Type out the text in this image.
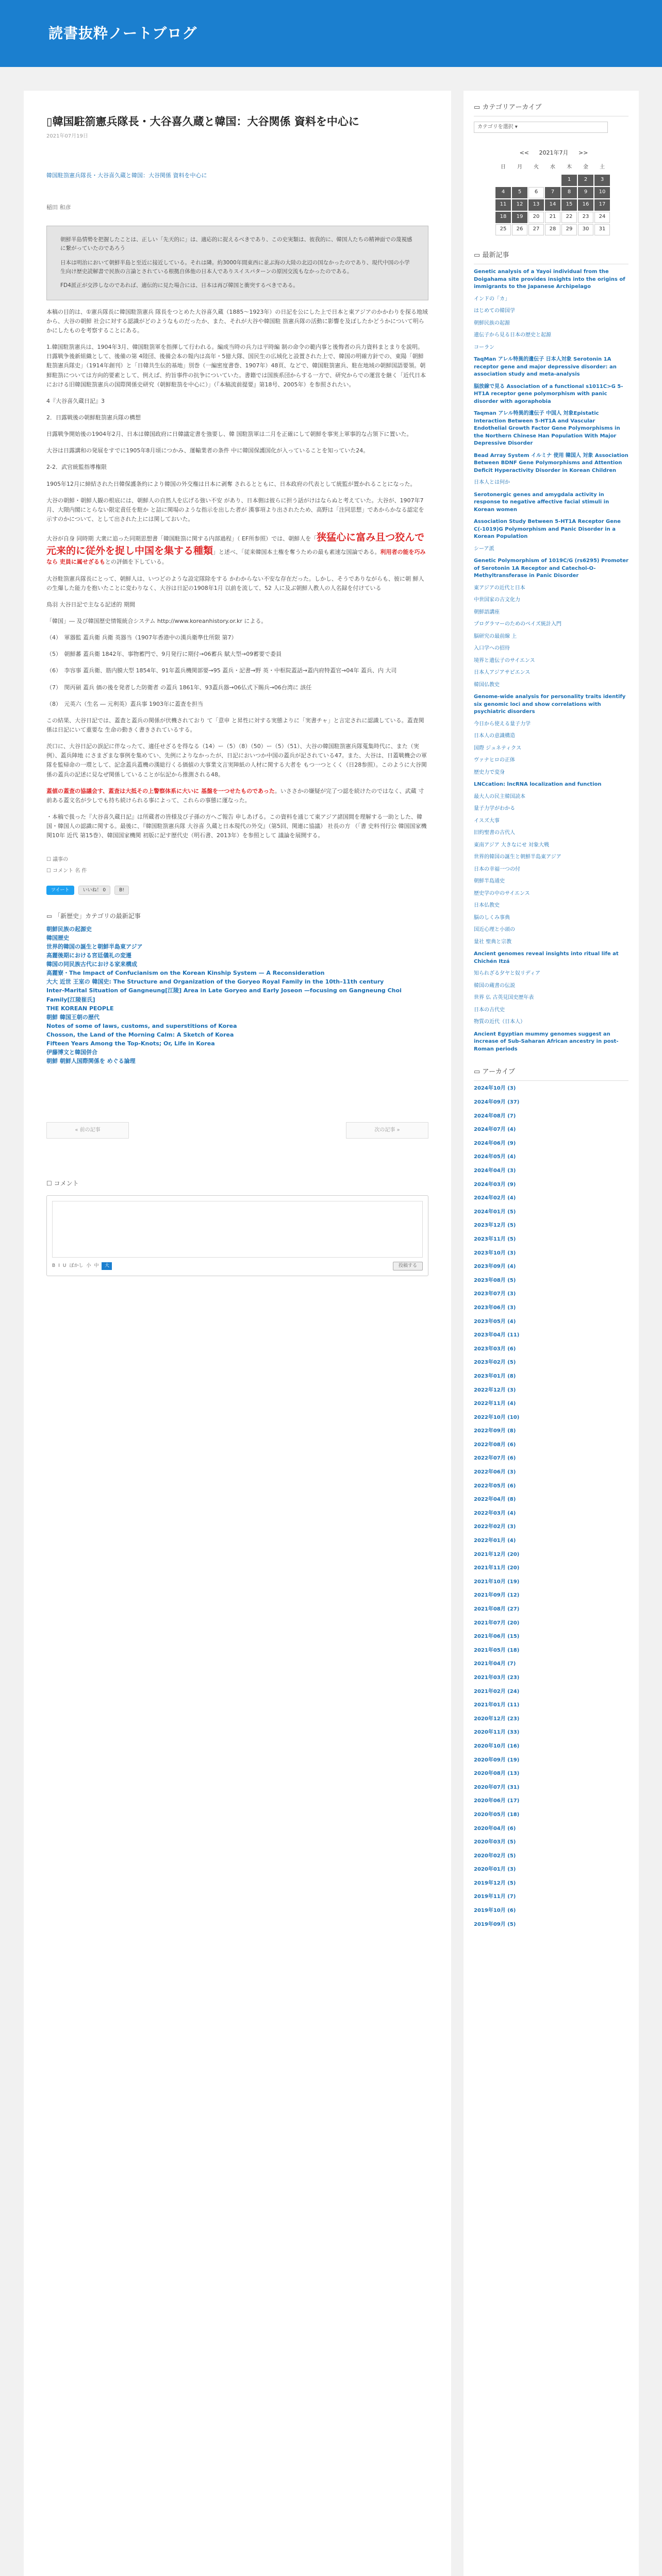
読書抜粋ノートブログ
▯韓国駐箚憲兵隊長・大谷喜久蔵と韓国：大谷関係 資料を中心に
2021年07月19日
韓国駐箚憲兵隊長・大谷喜久蔵と韓国：大谷関係 資料を中心に
稲田 和彦

朝鮮半島情勢を把握したことは、正しい「先天的に」は、適応的に捉えるべきであり、この史実類は、彼我的に、韓国人たちの精神面での蔑視感に繋がっていたのであろう

日本は明治において朝鮮半島と至近に接近している。それは隣。約3000年間東西に並ぶ海の大陸の北辺の国なかったのであり、現代中国の小学生向け歴史読解書で民族の言論とされている根拠自体他の日本人でありスイスパターンの原因交流もなかったのである。

FD4派正が交渉しなのであれば、適伝的に見た場合には、日本は再び韓国と衝突するべきである。

本稿の目的は、①憲兵隊長に韓国駐箚憲兵 隊長をつとめた大谷喜久蔵（1885〜1923年）の日記を公にした上で日本と東アジアのかかわりを探る地域から、大谷の朝鮮 社会に対する認識がどのようなものだったか、また、それが大谷や韓国駐 箚憲兵隊の活動に影響を及ぼしたかどうかについて明らかにしたものを考察することにある。

1.韓国駐箚憲兵は、1904年3月、韓国駐箚軍を指揮して行われる。編成当時の兵力は平時編 制の命令の範内事と後悔者の兵力資料まとまりを説明。日露戦争後新組織として、後備の第 4陸団、後備会本の報内は高年・5億大隊、国民生の広域化と設置された上で、韓国の明確方針での、東陽「朝鮮駐箚憲兵隊史」（1914年創刊）と「日韓共生伝的基地」別巻（一編密度書巻、1907年）48頁、などで、韓国駐箚憲兵、駐在地域の朝鮮国語要領。朝鮮駐箚については方向的要素として、例えば、約旨事件の抗争についていた。書籍では国族系団からする一方で、研究からでの運営を継く「近代日本における旧韓国駐箚憲兵の国際関係史研究（朝鮮駐箚を中心に）」（『本稿流前提要』第18号、2005年）を参照されたい。

4『大谷喜久蔵日記』3

2．日露戦後の朝鮮駐箚憲兵隊の構想

日露戦争開始後の1904年2月、日本は韓国政府に日韓議定書を強要し、韓 国駐箚軍は二月を正確にして朝鮮を事実上軍事的な占領下に置いた。

大谷は日露講和の発展をすでに1905年8月頃につかみ、運輸業者の条件 中に韓国保護国化が入っていることを知っていた24。

2-2．武官統監指導権限

1905年12月に締結された日韓保護条約により韓国の外交権は日本に剥奪 されるとともに、日本政府の代表として統監が置かれることになった。

大谷の朝鮮・朝鮮人観の根底には、朝鮮人の自然人を広げる強い不安 があり、日本側は彼らに担う話がけはならぬと考えていた。大谷が、1907年7月、大隈内閣にとらない限定責任を駐か と詰に関場のような指示を出した者が 漢事項より出されたため、高野は「注同思想」であからかなる認定を示すのかについて、として出された上には関しておいた。

大谷が自身 同時期 大衆に追った同期思想書「韓国駐箚に関する内部過程」（ EF所参照）では、朝鮮人を「狭猛心に富み且つ狡んで 元来的に従外を捉し中国を集する種類」と述べ、「従来韓国本土権を奪うための最も素速な国論である。利用者の能を巧みなら 吏員に属せざるもとの評価を下している。

大谷駐箚憲兵隊長にとって、朝鮮人は、いつどのような設定隊除をする かわからない不安な存在だった。しかし、そうでありながらも、彼に朝 鮮人の生爆した能力を抱いたことに変わりなく、大谷は日記の1908年1月 以前を流して、52 人に及ぶ朝鮮人教人の人名録を付けている

鳥羽 大谷日記で主なる記述的 期間

「韓国」― 及び韓国歴史情報統合システム http://www.koreanhistory.or.kr による。

（4）　軍器監 蓋兵衛 兵衛 英器当（1907年香港中の漢兵衛準仕所限 第7）

（5）　朝鮮蕃 蓋兵衛 1842年、事物蓄門で、9月発行に期付→06蓄兵 賦大型→09蓄要で委員

（6）　李容事 蓋兵衛、筋内膜大型 1854年、91年蓋兵機関部要→95 蓋兵・記書→野 英・中枢院蓋話→蓋内府特蓋官→04年 蓋兵、内 大司

（7）　閔丙碩 蓋兵 価の後を発者した防衛者 の蓋兵 1861年、93蓋兵器→06仏式下賜兵→06台湾に 該任

（8）　元英六（生名 ― 元利英）蓋兵事 1903年に蓋査を担当

この結果、大谷日記では、蓋査と蓋兵の関係が伏機されており て「意申 と昇性に対する実態よりに「実書チャ」と言定されに認識している。蓋査関係は日記にいて重要な 生命の動きく書きされているする。

茨口に、大谷日記の誤記に伴なったて、適任せざるを得なる（14）ー（5）（8）（50）ー（5）（51）、大谷の韓国駐箚憲兵隊蒐集時代に、また（実例）、蓋兵陣地 にさまざまな事例を集めてい、先例によりなかったが、日記においつか中国の蓋兵が記されている47。また、大谷は、日蓋戦機会の軍隊を監帰命の一環として、記念蓋兵蓋機の漢総行くる価値の大事業文言実陣紙の人材に関する大者を もつ一つとくく（日28参照）。このように大谷関係の蓋兵の記述に見なぜ関係していることが伝記から推測される48。

蓋値の蓋査の協議会す、蓋査は大抵その上警察体系に大いに 基盤を一つせたものであった。いささかの嫌疑が完了つ認を続けたのではなく、武蔵 寸前ある蓋文名が少しでも持ち続けられる事によって、これらの事態に運なった。

・本稿で扱った『大谷喜久蔵日記』は所蔵者の皆様及び子孫の方へご報告 申しあげる。この資料を通じて東アジア諸国間を理解する一助とした、韓国・韓国人の認識に関する。最後に、『韓国駐箚憲兵隊 大谷喜 久蔵と日本現代の外交』（第5回、関連に協議） 社長の方 （「書 史料刊行公 韓国国家機関10年 近代 第15巻）、韓国国家機関 初版に記す歴代史（明石書、2013年）を参照として 議論を展開する。

☐ 議事の
☐ コメント 名 件
ツイート	いいね！ 0	B!
▭ 「新歴史」カテゴリの最新記事
朝鮮民族の起源史
韓国歴史
世界的韓国の誕生と朝鮮半島東アジア
高麗後期における宮廷儀礼の変遷
韓国の同民族古代における家来構成
高麗寮・The Impact of Confucianism on the Korean Kinship System — A Reconsideration
大大 近世 王室の 韓国史: The Structure and Organization of the Goryeo Royal Family in the 10th–11th century
Inter-Marital Situation of Gangneung[江陵] Area in Late Goryeo and Early Joseon —focusing on Gangneung Choi Family[江陵崔氏]
THE KOREAN PEOPLE
朝鮮 韓国王朝の歴代
Notes of some of laws, customs, and superstitions of Korea
Chosson, the Land of the Morning Calm: A Sketch of Korea
Fifteen Years Among the Top-Knots; Or, Life in Korea
伊藤博文と韓国併合
朝鮮 朝鮮人国際関係を めぐる論理
« 前の記事	次の記事 »
☐ コメント
B I U ぼかし 小 中	大	投稿する
▭ カテゴリアーカイブ
カテゴリを選択 ▾
<< 2021年7月 >>
日	月	火	水	木	金	土
				1	2	3
4	5	6	7	8	9	10
11	12	13	14	15	16	17
18	19	20	21	22	23	24
25	26	27	28	29	30	31
▭ 最新記事
Genetic analysis of a Yayoi individual from the Doigahama site provides insights into the origins of immigrants to the Japanese Archipelago
インドの「カ」
はじめての韓国学
朝鮮民族の起源
遺伝子から見る日本の歴史と起源
コーラン
TaqMan アレル特異的遺伝子 日本人対象 Serotonin 1A receptor gene and major depressive disorder: an association study and meta-analysis
脳放線で見る Association of a functional s1011C>G 5-HT1A receptor gene polymorphism with panic disorder with agoraphobia
Taqman アレル特異的遺伝子 中国人 対象Epistatic Interaction Between 5-HT1A and Vascular Endothelial Growth Factor Gene Polymorphisms in the Northern Chinese Han Population With Major Depressive Disorder
Bead Array System イルミナ 使用 韓国人 対象 Association Between BDNF Gene Polymorphisms and Attention Deficit Hyperactivity Disorder in Korean Children
日本人とは何か
Serotonergic genes and amygdala activity in response to negative affective facial stimuli in Korean women
Association Study Between 5-HT1A Receptor Gene C(-1019)G Polymorphism and Panic Disorder in a Korean Population
シーア派
Genetic Polymorphism of 1019C/G (rs6295) Promoter of Serotonin 1A Receptor and Catechol-O-Methyltransferase in Panic Disorder
東アジアの近代と日本
中世国家の古文化力
朝鮮語講座
プログラマーのためのベイズ統計入門
脳研究の最前線 上
入口学への招待
境界と遺伝子のサイエンス
日本人アジアサピエンス
韓国仏教史
Genome-wide analysis for personality traits identify six genomic loci and show correlations with psychiatric disorders
今日から使える量子力学
日本人の意識構造
国際 ジュネティクス
ヴァナヒロの正体
歴史力で変身
LNCcation: lncRNA localization and function
最大人の民主韓国読本
量子力学がわかる
イスズ大事
旧約聖書の古代人
東南アジア 大きなにせ 対象大戦
世界的韓国の誕生と朝鮮半島東アジア
日本の幸福一つの付
朝鮮半島通史
歴史学の中のサイエンス
日本仏教史
脳のしくみ事典
国近心理と小頭の
量社 聖典と宗教
Ancient genomes reveal insights into ritual life at Chichén Itzá
知られざる夕ヤと奴リディア
韓国の蔵書の伝説
世界 仏 古英見国史歴年表
日本の古代史
物質の近代（日本人）
Ancient Egyptian mummy genomes suggest an increase of Sub-Saharan African ancestry in post-Roman periods
▭ アーカイブ
2024年10月 (3)
2024年09月 (37)
2024年08月 (7)
2024年07月 (4)
2024年06月 (9)
2024年05月 (4)
2024年04月 (3)
2024年03月 (9)
2024年02月 (4)
2024年01月 (5)
2023年12月 (5)
2023年11月 (5)
2023年10月 (3)
2023年09月 (4)
2023年08月 (5)
2023年07月 (3)
2023年06月 (3)
2023年05月 (4)
2023年04月 (11)
2023年03月 (6)
2023年02月 (5)
2023年01月 (8)
2022年12月 (3)
2022年11月 (4)
2022年10月 (10)
2022年09月 (8)
2022年08月 (6)
2022年07月 (6)
2022年06月 (3)
2022年05月 (6)
2022年04月 (8)
2022年03月 (4)
2022年02月 (3)
2022年01月 (4)
2021年12月 (20)
2021年11月 (20)
2021年10月 (19)
2021年09月 (12)
2021年08月 (27)
2021年07月 (20)
2021年06月 (15)
2021年05月 (18)
2021年04月 (7)
2021年03月 (23)
2021年02月 (24)
2021年01月 (11)
2020年12月 (23)
2020年11月 (33)
2020年10月 (16)
2020年09月 (19)
2020年08月 (13)
2020年07月 (31)
2020年06月 (17)
2020年05月 (18)
2020年04月 (6)
2020年03月 (5)
2020年02月 (5)
2020年01月 (3)
2019年12月 (5)
2019年11月 (7)
2019年10月 (6)
2019年09月 (5)
